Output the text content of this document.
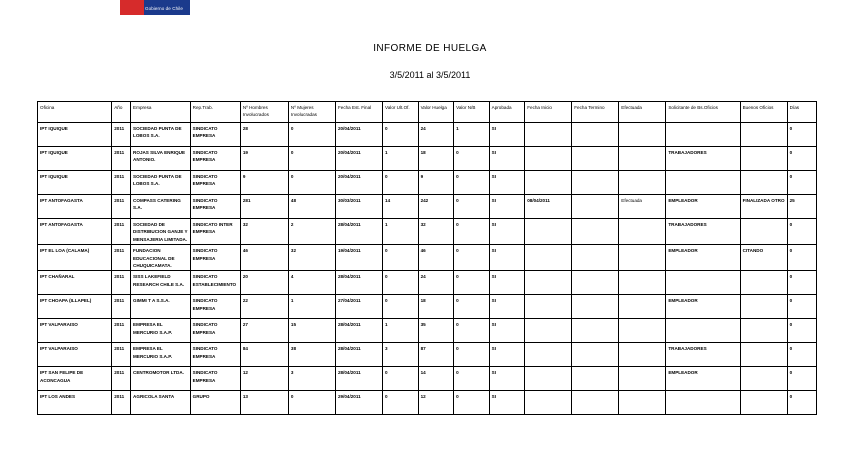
Gobierno de Chile
INFORME DE HUELGA
3/5/2011 al 3/5/2011
Oficina	Año	Empresa	Rep.Trab.	Nº Hombres Involucrados	Nº Mujeres Involucradas	Fecha Est. Final	Valor Ult.Of.	Valor Huelga	Valor N/B	Aprobada	Fecha Inicio	Fecha Termino	Efectuada	Solicitante de Bs.Oficios	Buenos Oficios	Días
IPT IQUIQUE	2011	SOCIEDAD PUNTA DE LOBOS S.A.	SINDICATO EMPRESA	28	0	20/04/2011	0	24	1	SI						0
IPT IQUIQUE	2011	ROJAS SILVA ENRIQUE ANTONIO.	SINDICATO EMPRESA	19	0	20/04/2011	1	18	0	SI				TRABAJADORES		0
IPT IQUIQUE	2011	SOCIEDAD PUNTA DE LOBOS S.A.	SINDICATO EMPRESA	9	0	20/04/2011	0	9	0	SI						0
IPT ANTOFAGASTA	2011	COMPASS CATERING S.A.	SINDICATO EMPRESA	281	48	30/03/2011	14	242	0	SI	08/04/2011		Efectuada	EMPLEADOR	FINALIZADA OTRO	25
IPT ANTOFAGASTA	2011	SOCIEDAD DE DISTRIBUCION GANJE Y MENSAJERIA LIMITADA.	SINDICATO INTER EMPRESA	32	2	28/04/2011	1	32	0	SI				TRABAJADORES		0
IPT EL LOA (CALAMA)	2011	FUNDACION EDUCACIONAL DE CHUQUICAMATA.	SINDICATO EMPRESA	46	32	19/04/2011	0	46	0	SI				EMPLEADOR	CITANDO	0
IPT CHAÑARAL	2011	SISS LAKEFIELD RESEARCH CHILE S.A.	SINDICATO ESTABLECIMIENTO	20	4	28/04/2011	0	24	0	SI						0
IPT CHOAPA (ILLAPEL)	2011	GIMMI T A S.S.A.	SINDICATO EMPRESA	22	1	27/04/2011	0	18	0	SI				EMPLEADOR		0
IPT VALPARAISO	2011	EMPRESA EL MERCURIO S.A.P.	SINDICATO EMPRESA	27	15	28/04/2011	1	35	0	SI						0
IPT VALPARAISO	2011	EMPRESA EL MERCURIO S.A.P.	SINDICATO EMPRESA	84	38	28/04/2011	3	87	0	SI				TRABAJADORES		0
IPT SAN FELIPE DE ACONCAGUA	2011	CENTROMOTOR LTDA.	SINDICATO EMPRESA	12	3	28/04/2011	0	14	0	SI				EMPLEADOR		0
IPT LOS ANDES	2011	AGRICOLA SANTA	GRUPO	13	0	29/04/2011	0	12	0	SI						0
